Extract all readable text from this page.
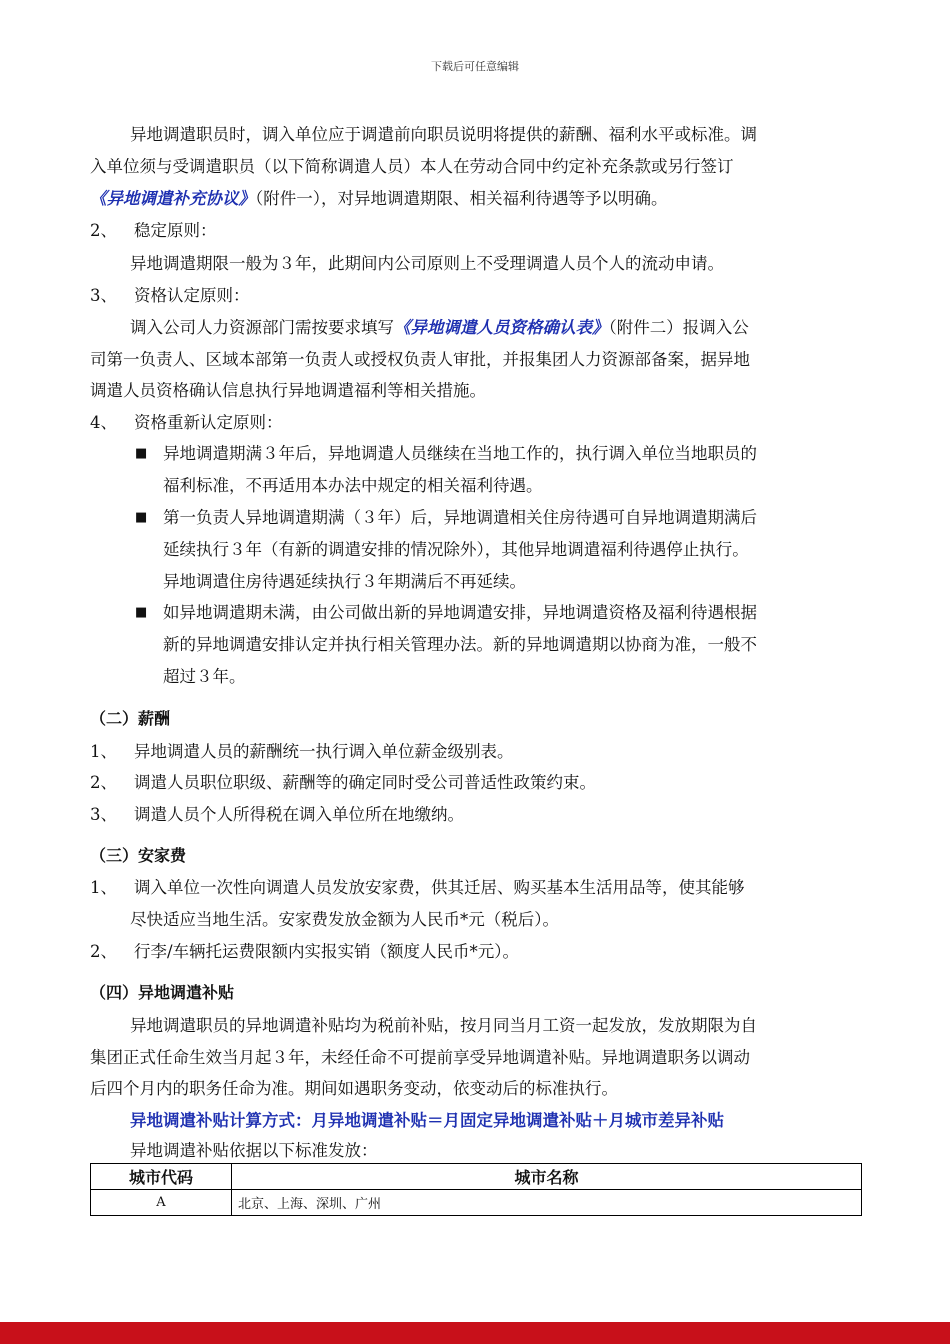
下载后可任意编辑
异地调遣职员时，调入单位应于调遣前向职员说明将提供的薪酬、福利水平或标准。调
入单位须与受调遣职员（以下简称调遣人员）本人在劳动合同中约定补充条款或另行签订
《异地调遣补充协议》（附件一），对异地调遣期限、相关福利待遇等予以明确。
2、 稳定原则：
异地调遣期限一般为３年，此期间内公司原则上不受理调遣人员个人的流动申请。
3、 资格认定原则：
调入公司人力资源部门需按要求填写《异地调遣人员资格确认表》（附件二）报调入公
司第一负责人、区域本部第一负责人或授权负责人审批，并报集团人力资源部备案，据异地
调遣人员资格确认信息执行异地调遣福利等相关措施。
4、 资格重新认定原则：
■ 异地调遣期满３年后，异地调遣人员继续在当地工作的，执行调入单位当地职员的
福利标准，不再适用本办法中规定的相关福利待遇。
■ 第一负责人异地调遣期满（３年）后，异地调遣相关住房待遇可自异地调遣期满后
延续执行３年（有新的调遣安排的情况除外），其他异地调遣福利待遇停止执行。
异地调遣住房待遇延续执行３年期满后不再延续。
■ 如异地调遣期未满，由公司做出新的异地调遣安排，异地调遣资格及福利待遇根据
新的异地调遣安排认定并执行相关管理办法。新的异地调遣期以协商为准，一般不
超过３年。
（二）薪酬
1、 异地调遣人员的薪酬统一执行调入单位薪金级别表。
2、 调遣人员职位职级、薪酬等的确定同时受公司普适性政策约束。
3、 调遣人员个人所得税在调入单位所在地缴纳。
（三）安家费
1、 调入单位一次性向调遣人员发放安家费，供其迁居、购买基本生活用品等，使其能够
尽快适应当地生活。安家费发放金额为人民币*元（税后）。
2、 行李/车辆托运费限额内实报实销（额度人民币*元）。
（四）异地调遣补贴
异地调遣职员的异地调遣补贴均为税前补贴，按月同当月工资一起发放，发放期限为自
集团正式任命生效当月起３年，未经任命不可提前享受异地调遣补贴。异地调遣职务以调动
后四个月内的职务任命为准。期间如遇职务变动，依变动后的标准执行。
异地调遣补贴计算方式：月异地调遣补贴＝月固定异地调遣补贴＋月城市差异补贴
异地调遣补贴依据以下标准发放：
城市代码	城市名称
A	北京、上海、深圳、广州
